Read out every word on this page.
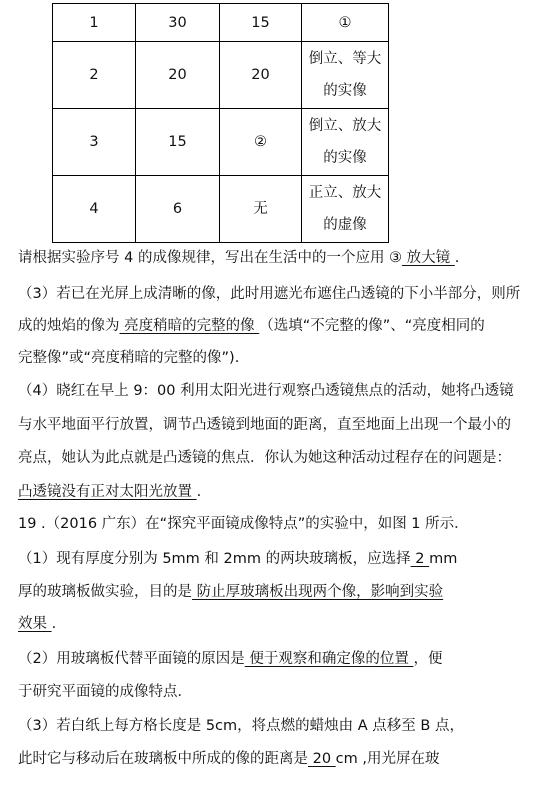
1	30	15	①
2	20	20	倒立、等大
的实像
3	15	②	倒立、放大
的实像
4	6	无	正立、放大
的虚像
请根据实验序号 4 的成像规律，写出在生活中的一个应用 ③ 放大镜 .
（3）若已在光屏上成清晰的像，此时用遮光布遮住凸透镜的下小半部分，则所
成的烛焰的像为 亮度稍暗的完整的像 （选填“不完整的像”、“亮度相同的
完整像”或“亮度稍暗的完整的像”).
（4）晓红在早上 9：00 利用太阳光进行观察凸透镜焦点的活动，她将凸透镜
与水平地面平行放置，调节凸透镜到地面的距离，直至地面上出现一个最小的
亮点，她认为此点就是凸透镜的焦点．你认为她这种活动过程存在的问题是：
凸透镜没有正对太阳光放置 .
19 .（2016 广东）在“探究平面镜成像特点”的实验中，如图 1 所示．
（1）现有厚度分别为 5mm 和 2mm 的两块玻璃板，应选择 2 mm
厚的玻璃板做实验，目的是 防止厚玻璃板出现两个像，影响到实验
效果 .
（2）用玻璃板代替平面镜的原因是 便于观察和确定像的位置 ，便
于研究平面镜的成像特点．
（3）若白纸上每方格长度是 5cm，将点燃的蜡烛由 A 点移至 B 点，
此时它与移动后在玻璃板中所成的像的距离是 20 cm ,用光屏在玻
